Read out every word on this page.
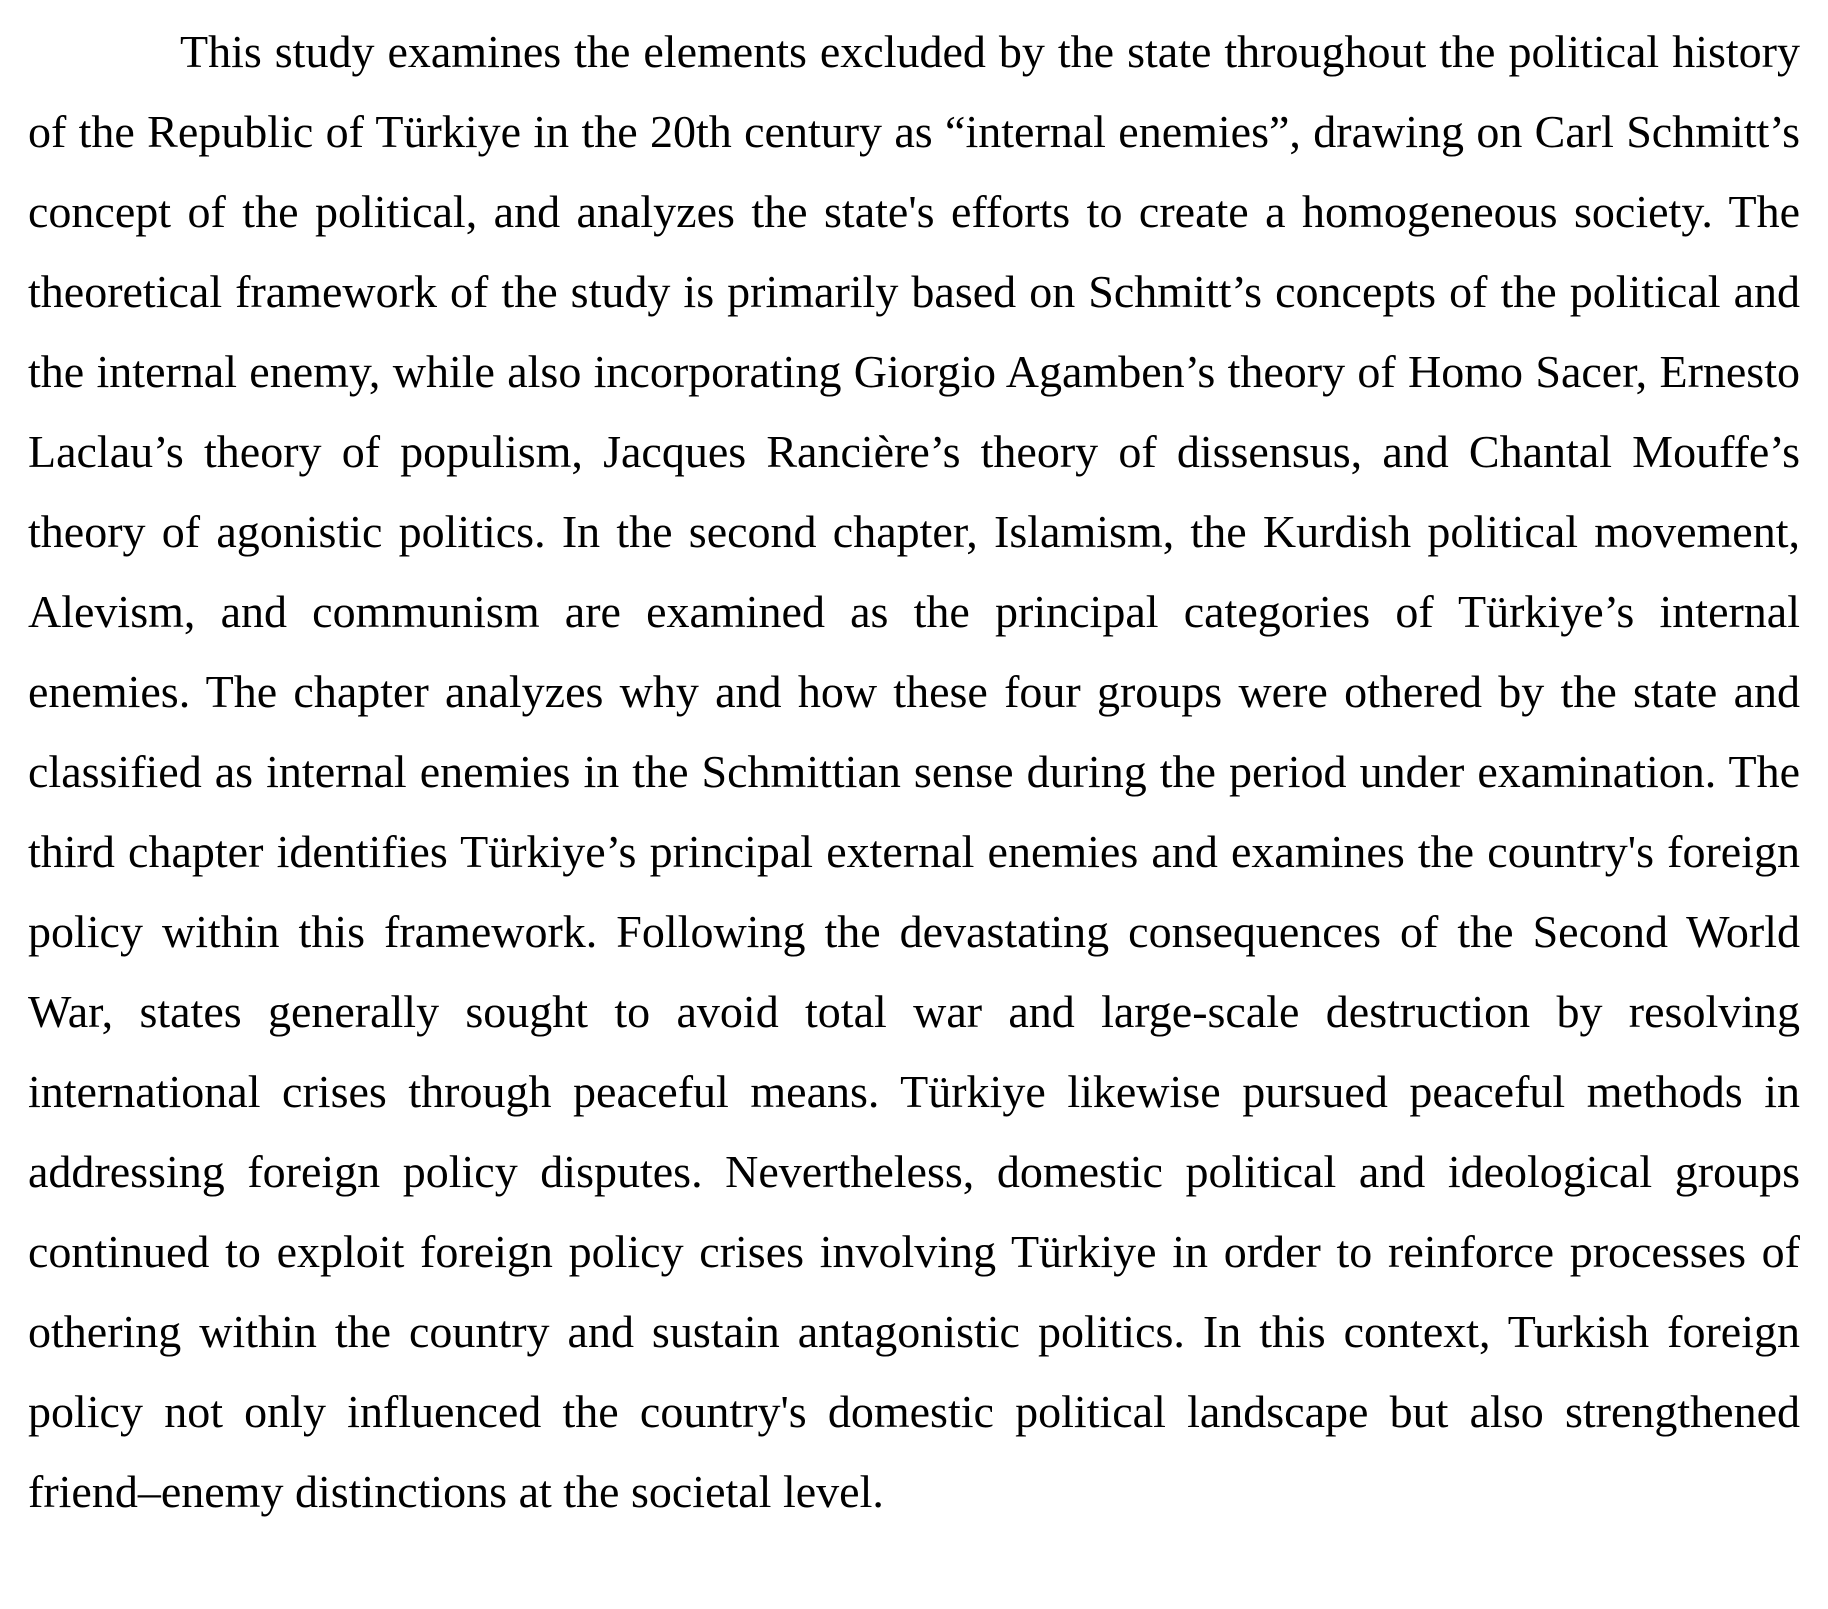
This study examines the elements excluded by the state throughout the political history of the Republic of Türkiye in the 20th century as “internal enemies”, drawing on Carl Schmitt’s concept of the political, and analyzes the state's efforts to create a homogeneous society. The theoretical framework of the study is primarily based on Schmitt’s concepts of the political and the internal enemy, while also incorporating Giorgio Agamben’s theory of Homo Sacer, Ernesto Laclau’s theory of populism, Jacques Rancière’s theory of dissensus, and Chantal Mouffe’s theory of agonistic politics. In the second chapter, Islamism, the Kurdish political movement, Alevism, and communism are examined as the principal categories of Türkiye’s internal enemies. The chapter analyzes why and how these four groups were othered by the state and classified as internal enemies in the Schmittian sense during the period under examination. The third chapter identifies Türkiye’s principal external enemies and examines the country's foreign policy within this framework. Following the devastating consequences of the Second World War, states generally sought to avoid total war and large-scale destruction by resolving international crises through peaceful means. Türkiye likewise pursued peaceful methods in addressing foreign policy disputes. Nevertheless, domestic political and ideological groups continued to exploit foreign policy crises involving Türkiye in order to reinforce processes of othering within the country and sustain antagonistic politics. In this context, Turkish foreign policy not only influenced the country's domestic political landscape but also strengthened friend–enemy distinctions at the societal level.
